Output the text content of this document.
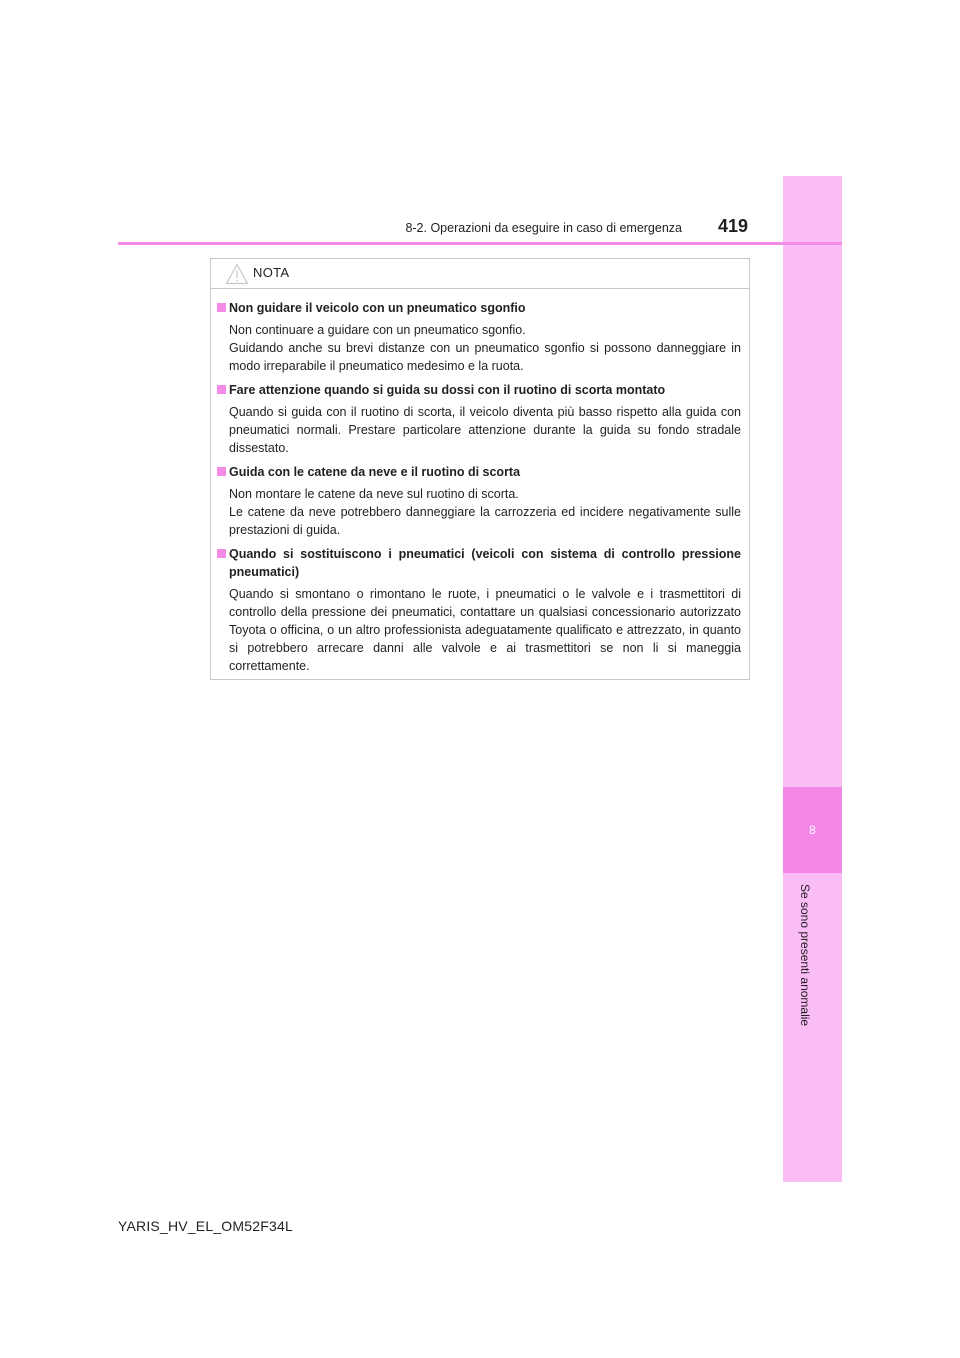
8
Se sono presenti anomalie
8-2. Operazioni da eseguire in caso di emergenza 419
NOTA
Non guidare il veicolo con un pneumatico sgonfio
Non continuare a guidare con un pneumatico sgonfio.
Guidando anche su brevi distanze con un pneumatico sgonfio si possono danneggiare in modo irreparabile il pneumatico medesimo e la ruota.
Fare attenzione quando si guida su dossi con il ruotino di scorta montato
Quando si guida con il ruotino di scorta, il veicolo diventa più basso rispetto alla guida con pneumatici normali. Prestare particolare attenzione durante la guida su fondo stradale dissestato.
Guida con le catene da neve e il ruotino di scorta
Non montare le catene da neve sul ruotino di scorta.
Le catene da neve potrebbero danneggiare la carrozzeria ed incidere negativamente sulle prestazioni di guida.
Quando si sostituiscono i pneumatici (veicoli con sistema di controllo pressione pneumatici)
Quando si smontano o rimontano le ruote, i pneumatici o le valvole e i trasmettitori di controllo della pressione dei pneumatici, contattare un qualsiasi concessionario autorizzato Toyota o officina, o un altro professionista adeguatamente qualificato e attrezzato, in quanto si potrebbero arrecare danni alle valvole e ai trasmettitori se non li si maneggia correttamente.
YARIS_HV_EL_OM52F34L
